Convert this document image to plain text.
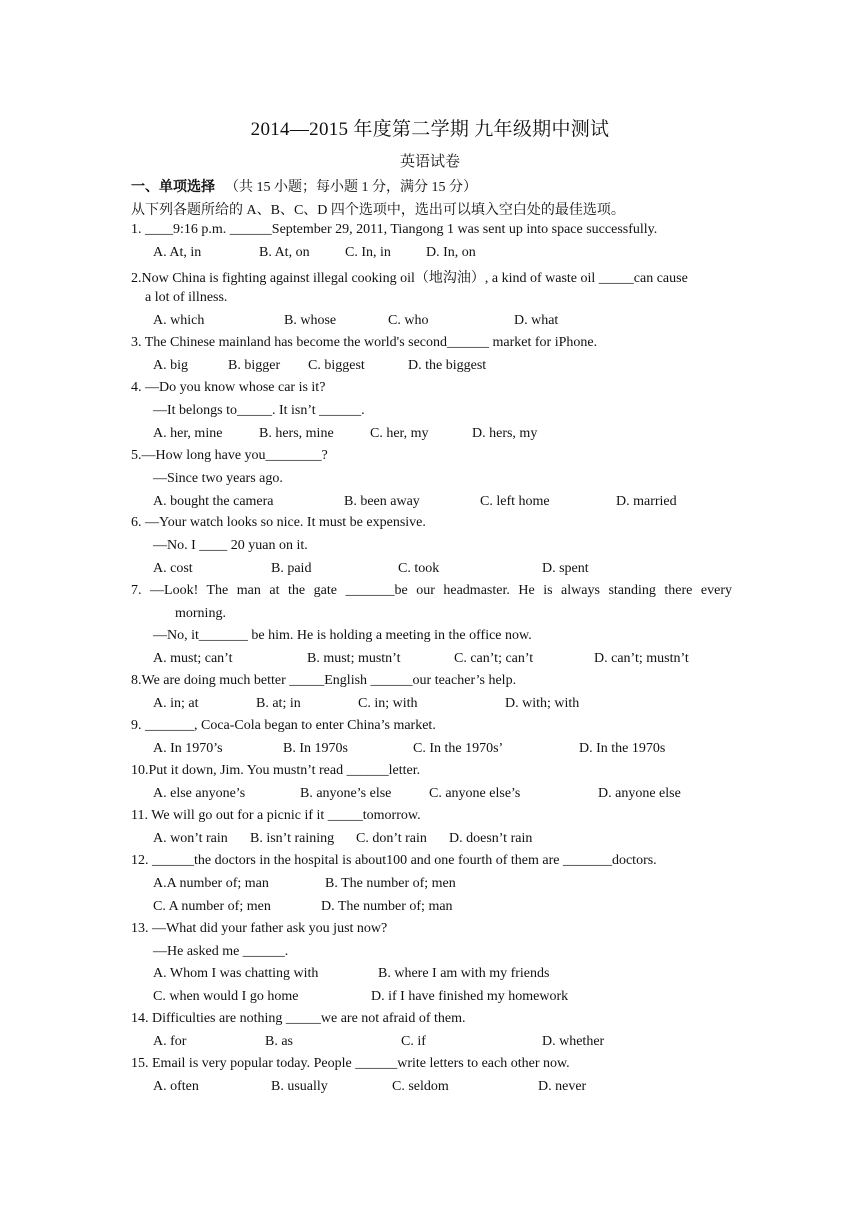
2014—2015 年度第二学期 九年级期中测试
英语试卷
一、单项选择 （共 15 小题；每小题 1 分，满分 15 分）
从下列各题所给的 A、B、C、D 四个选项中，选出可以填入空白处的最佳选项。
1. ____9:16 p.m. ______September 29, 2011, Tiangong 1 was sent up into space successfully.
A. At, in	B. At, on	C. In, in	D. In, on
2.Now China is fighting against illegal cooking oil（地沟油）, a kind of waste oil _____can cause
a lot of illness.
A. which	B. whose	C. who	D. what
3. The Chinese mainland has become the world's second______ market for iPhone.
A. big	B. bigger C. biggest	D. the biggest
4. —Do you know whose car is it?
—It belongs to_____. It isn’t ______.
A. her, mine	B. hers, mine	C. her, my	D. hers, my
5.—How long have you________?
—Since two years ago.
A. bought the camera	B. been away	C. left home	D. married
6. —Your watch looks so nice. It must be expensive.
—No. I ____ 20 yuan on it.
A. cost	B. paid	C. took	D. spent
7. —Look! The man at the gate _______be our headmaster. He is always standing there every
morning.
—No, it_______ be him. He is holding a meeting in the office now.
A. must; can’t	B. must; mustn’t	C. can’t; can’t	D. can’t; mustn’t
8.We are doing much better _____English ______our teacher’s help.
A. in; at	B. at; in	C. in; with	D. with; with
9. _______, Coca-Cola began to enter China’s market.
A. In 1970’s	B. In 1970s	C. In the 1970s’	D. In the 1970s
10.Put it down, Jim. You mustn’t read ______letter.
A. else anyone’s	B. anyone’s else	C. anyone else’s	D. anyone else
11. We will go out for a picnic if it _____tomorrow.
A. won’t rain B. isn’t raining C. don’t rain D. doesn’t rain
12. ______the doctors in the hospital is about100 and one fourth of them are _______doctors.
A.A number of; man	B. The number of; men
C. A number of; men	D. The number of; man
13. —What did your father ask you just now?
—He asked me ______.
A. Whom I was chatting with	B. where I am with my friends
C. when would I go home	D. if I have finished my homework
14. Difficulties are nothing _____we are not afraid of them.
A. for	B. as	C. if	D. whether
15. Email is very popular today. People ______write letters to each other now.
A. often	B. usually	C. seldom	D. never
